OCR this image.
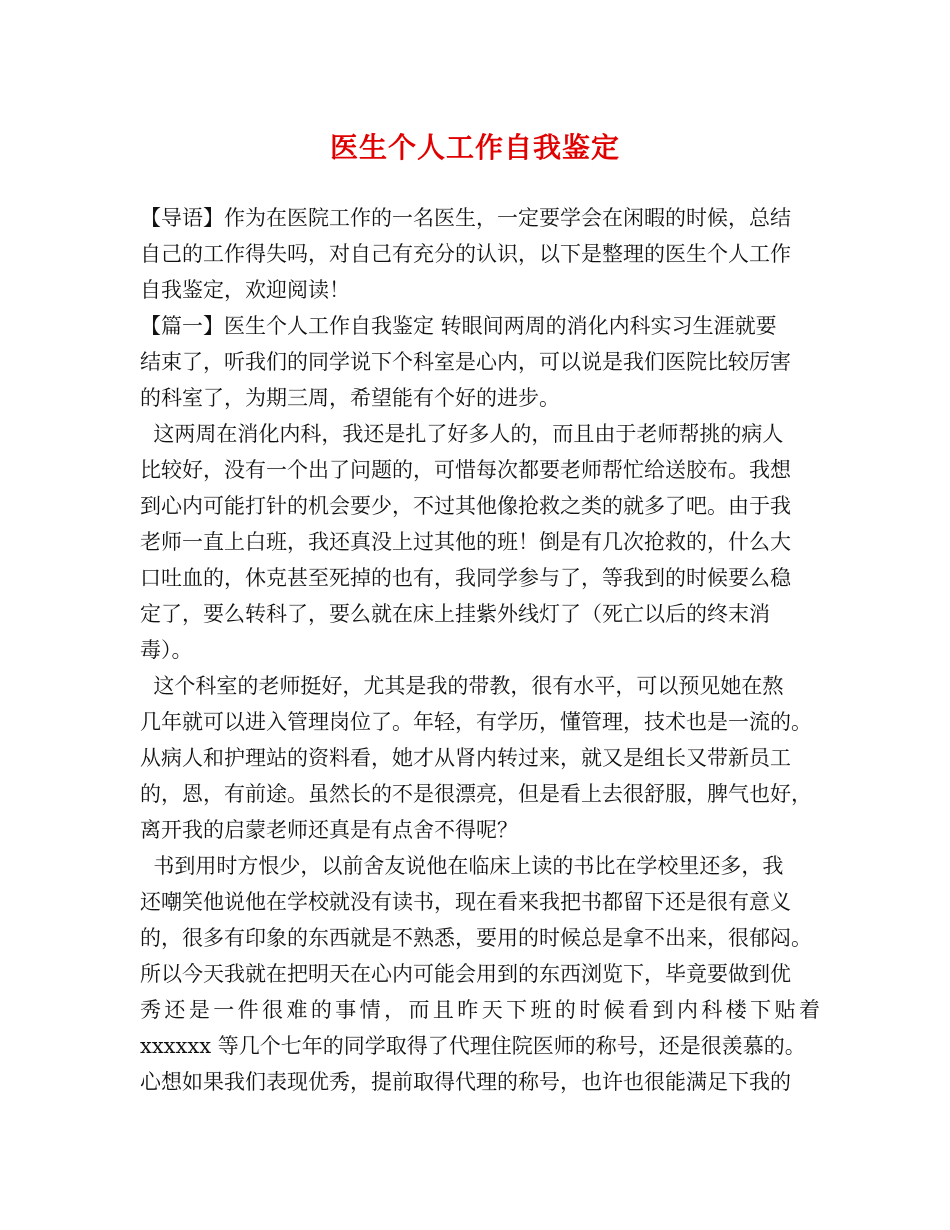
医生个人工作自我鉴定
【导语】作为在医院工作的一名医生，一定要学会在闲暇的时候，总结
自己的工作得失吗，对自己有充分的认识，以下是整理的医生个人工作
自我鉴定，欢迎阅读！
【篇一】医生个人工作自我鉴定 转眼间两周的消化内科实习生涯就要
结束了，听我们的同学说下个科室是心内，可以说是我们医院比较厉害
的科室了，为期三周，希望能有个好的进步。
这两周在消化内科，我还是扎了好多人的，而且由于老师帮挑的病人
比较好，没有一个出了问题的，可惜每次都要老师帮忙给送胶布。我想
到心内可能打针的机会要少，不过其他像抢救之类的就多了吧。由于我
老师一直上白班，我还真没上过其他的班！倒是有几次抢救的，什么大
口吐血的，休克甚至死掉的也有，我同学参与了，等我到的时候要么稳
定了，要么转科了，要么就在床上挂紫外线灯了（死亡以后的终末消
毒）。
这个科室的老师挺好，尤其是我的带教，很有水平，可以预见她在熬
几年就可以进入管理岗位了。年轻，有学历，懂管理，技术也是一流的。
从病人和护理站的资料看，她才从肾内转过来，就又是组长又带新员工
的，恩，有前途。虽然长的不是很漂亮，但是看上去很舒服，脾气也好，
离开我的启蒙老师还真是有点舍不得呢？
书到用时方恨少，以前舍友说他在临床上读的书比在学校里还多，我
还嘲笑他说他在学校就没有读书，现在看来我把书都留下还是很有意义
的，很多有印象的东西就是不熟悉，要用的时候总是拿不出来，很郁闷。
所以今天我就在把明天在心内可能会用到的东西浏览下，毕竟要做到优
秀还是一件很难的事情，而且昨天下班的时候看到内科楼下贴着
xxxxxx 等几个七年的同学取得了代理住院医师的称号，还是很羡慕的。
心想如果我们表现优秀，提前取得代理的称号，也许也很能满足下我的
